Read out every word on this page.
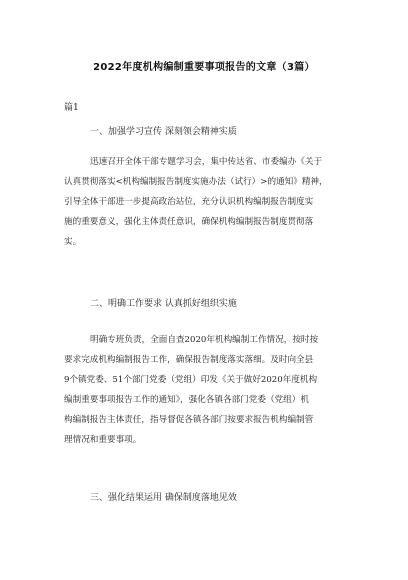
2022年度机构编制重要事项报告的文章（3篇）
篇1
一、加强学习宣传 深刻领会精神实质
迅速召开全体干部专题学习会，集中传达省、市委编办《关于
认真贯彻落实<机构编制报告制度实施办法（试行）>的通知》精神，
引导全体干部进一步提高政治站位，充分认识机构编制报告制度实
施的重要意义，强化主体责任意识，确保机构编制报告制度贯彻落
实。
二、明确工作要求 认真抓好组织实施
明确专班负责，全面自查2020年机构编制工作情况，按时按
要求完成机构编制报告工作，确保报告制度落实落细。及时向全县
9个镇党委、51个部门党委（党组）印发《关于做好2020年度机构
编制重要事项报告工作的通知》，强化各镇各部门党委（党组）机
构编制报告主体责任，指导督促各镇各部门按要求报告机构编制管
理情况和重要事项。
三、强化结果运用 确保制度落地见效
